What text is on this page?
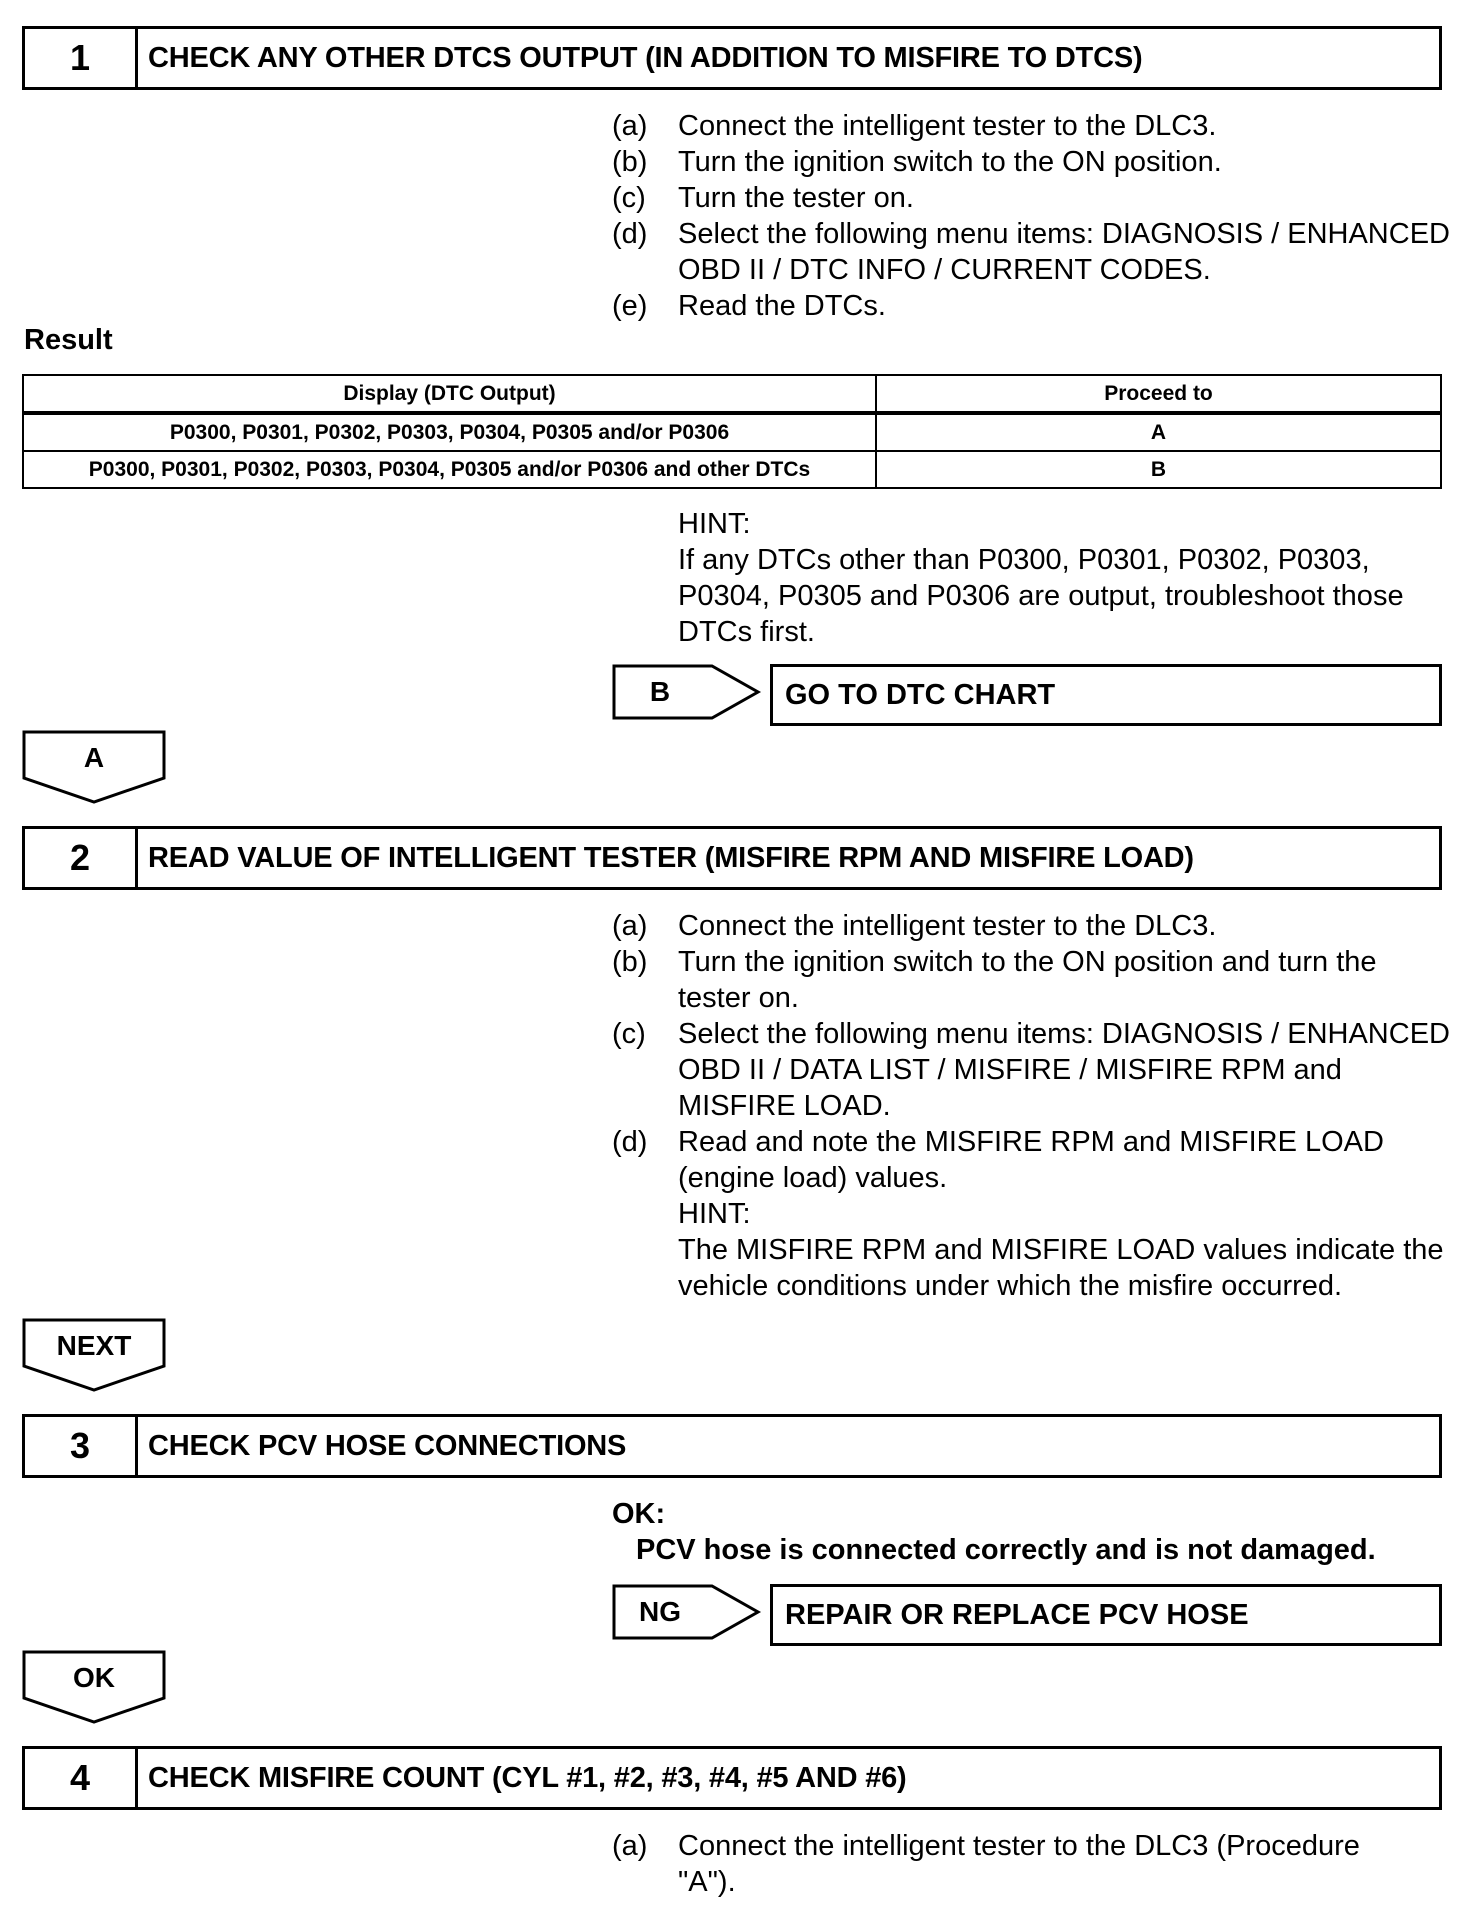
1	CHECK ANY OTHER DTCS OUTPUT (IN ADDITION TO MISFIRE TO DTCS)
(a)	Connect the intelligent tester to the DLC3.
(b)	Turn the ignition switch to the ON position.
(c)	Turn the tester on.
(d)	Select the following menu items: DIAGNOSIS / ENHANCED OBD II / DTC INFO / CURRENT CODES.
(e)	Read the DTCs.
Result
Display (DTC Output)	Proceed to
P0300, P0301, P0302, P0303, P0304, P0305 and/or P0306	A
P0300, P0301, P0302, P0303, P0304, P0305 and/or P0306 and other DTCs	B
HINT:
If any DTCs other than P0300, P0301, P0302, P0303, P0304, P0305 and P0306 are output, troubleshoot those DTCs first.
B	GO TO DTC CHART
A
2	READ VALUE OF INTELLIGENT TESTER (MISFIRE RPM AND MISFIRE LOAD)
(a)	Connect the intelligent tester to the DLC3.
(b)	Turn the ignition switch to the ON position and turn the tester on.
(c)	Select the following menu items: DIAGNOSIS / ENHANCED OBD II / DATA LIST / MISFIRE / MISFIRE RPM and MISFIRE LOAD.
(d)	Read and note the MISFIRE RPM and MISFIRE LOAD (engine load) values.
HINT:
The MISFIRE RPM and MISFIRE LOAD values indicate the vehicle conditions under which the misfire occurred.
NEXT
3	CHECK PCV HOSE CONNECTIONS
OK:
PCV hose is connected correctly and is not damaged.
NG	REPAIR OR REPLACE PCV HOSE
OK
4	CHECK MISFIRE COUNT (CYL #1, #2, #3, #4, #5 AND #6)
(a)	Connect the intelligent tester to the DLC3 (Procedure "A").
